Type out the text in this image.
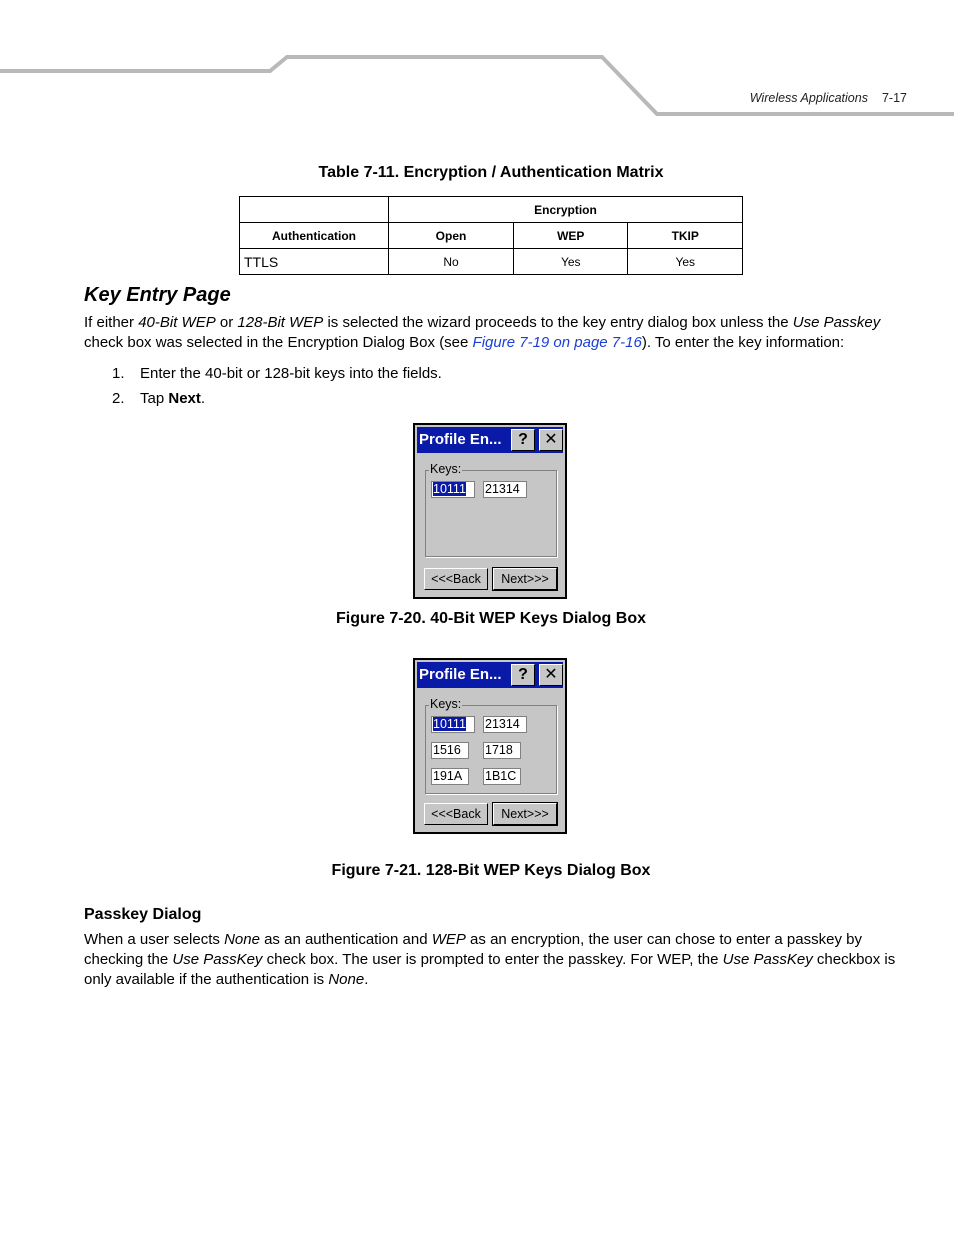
Wireless Applications 7-17
Table 7-11. Encryption / Authentication Matrix
	Encryption		
Authentication	Open	WEP	TKIP
TTLS	No	Yes	Yes
Key Entry Page
If either 40-Bit WEP or 128-Bit WEP is selected the wizard proceeds to the key entry dialog box unless the Use Passkey check box was selected in the Encryption Dialog Box (see Figure 7-19 on page 7-16). To enter the key information:
1. Enter the 40-bit or 128-bit keys into the fields.
2. Tap Next.
Profile En...	?	✕
Keys:
10111	21314
<<<Back	Next>>>
Figure 7-20. 40-Bit WEP Keys Dialog Box
Profile En...	?	✕
Keys:
10111	21314
1516	1718
191A	1B1C
<<<Back	Next>>>
Figure 7-21. 128-Bit WEP Keys Dialog Box
Passkey Dialog
When a user selects None as an authentication and WEP as an encryption, the user can chose to enter a passkey by checking the Use PassKey check box. The user is prompted to enter the passkey. For WEP, the Use PassKey checkbox is only available if the authentication is None.
